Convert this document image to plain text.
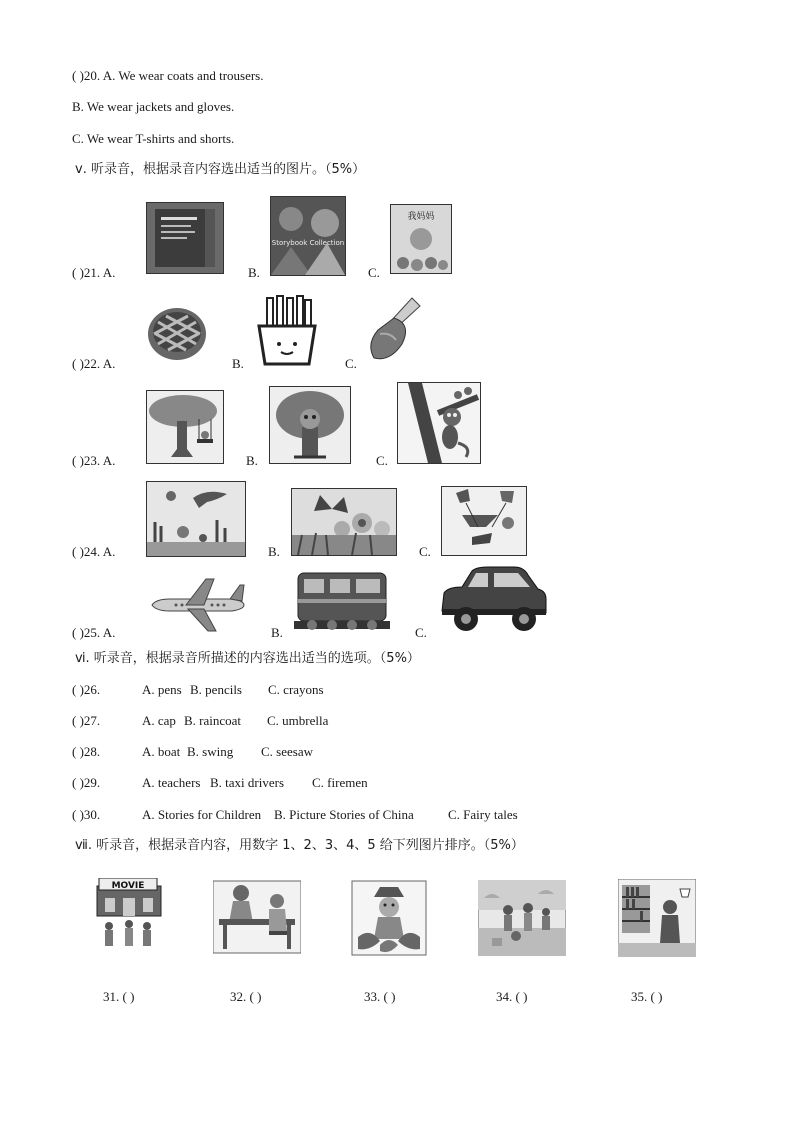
( )20. A. We wear coats and trousers.
B. We wear jackets and gloves.
C. We wear T-shirts and shorts.
ⅴ. 听录音，根据录音内容选出适当的图片。（5%）
( )21. A.	B.
Storybook Collection
C.
我妈妈
( )22. A.	B.	C.
( )23. A.	B.	C.
( )24. A.	B.	C.
( )25. A.	B.	C.
ⅵ. 听录音，根据录音所描述的内容选出适当的选项。（5%）
( )26.	A. pens B. pencils C. crayons
( )27.	A. cap B. raincoat C. umbrella
( )28.	A. boat B. swing C. seesaw
( )29.	A. teachers B. taxi drivers C. firemen
( )30.	A. Stories for Children B. Picture Stories of China	C. Fairy tales
ⅶ. 听录音，根据录音内容，用数字 1、2、3、4、5 给下列图片排序。（5%）
MOVIE
31. ( )	32. ( )	33. ( )	34. ( )	35. ( )
